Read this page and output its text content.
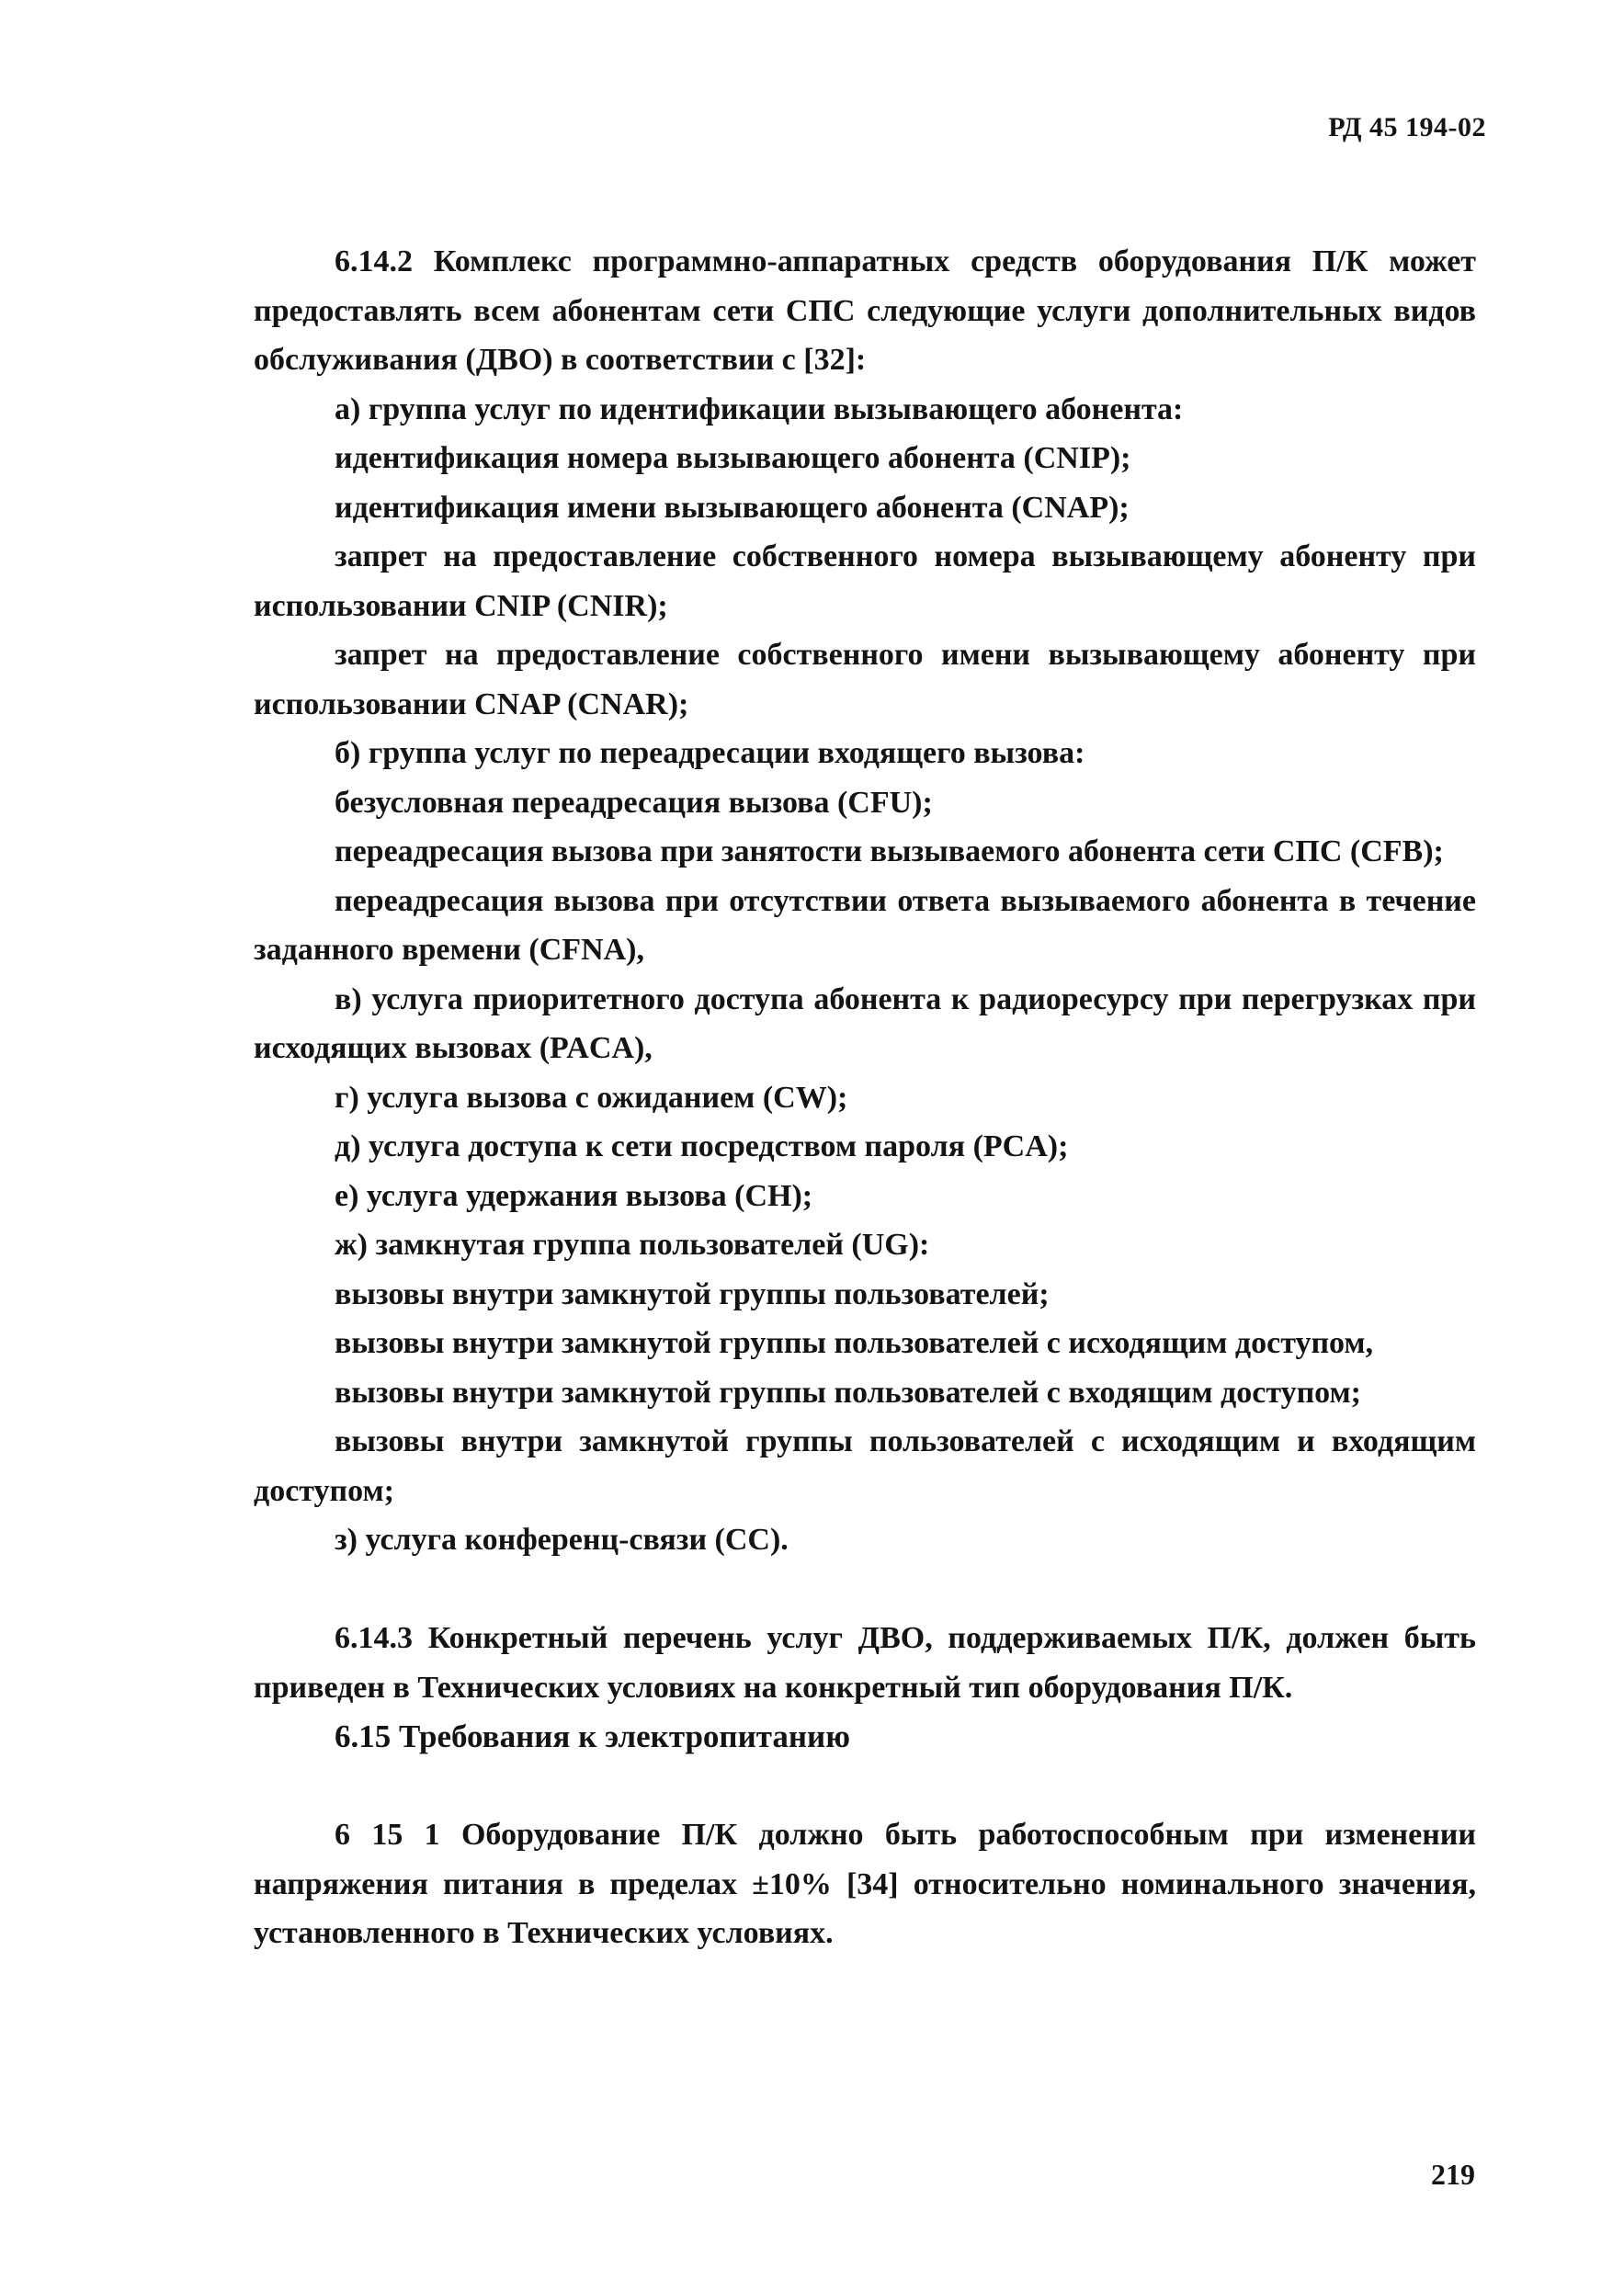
РД 45 194-02

6.14.2 Комплекс программно-аппаратных средств оборудования П/К может предоставлять всем абонентам сети СПС следующие услуги дополнительных видов обслуживания (ДВО) в соответствии с [32]:

а) группа услуг по идентификации вызывающего абонента:

идентификация номера вызывающего абонента (CNIP);

идентификация имени вызывающего абонента (CNAP);

запрет на предоставление собственного номера вызывающему абоненту при использовании CNIP (CNIR);

запрет на предоставление собственного имени вызывающему абоненту при использовании CNAP (CNAR);

б) группа услуг по переадресации входящего вызова:

безусловная переадресация вызова (CFU);

переадресация вызова при занятости вызываемого абонента сети СПС (CFB);

переадресация вызова при отсутствии ответа вызываемого абонента в течение заданного времени (CFNA),

в) услуга приоритетного доступа абонента к радиоресурсу при перегрузках при исходящих вызовах (PACA),

г) услуга вызова с ожиданием (CW);

д) услуга доступа к сети посредством пароля (PCA);

е) услуга удержания вызова (CH);

ж) замкнутая группа пользователей (UG):

вызовы внутри замкнутой группы пользователей;

вызовы внутри замкнутой группы пользователей с исходящим доступом,

вызовы внутри замкнутой группы пользователей с входящим доступом;

вызовы внутри замкнутой группы пользователей с исходящим и входящим доступом;

з) услуга конференц-связи (CC).

6.14.3 Конкретный перечень услуг ДВО, поддерживаемых П/К, должен быть приведен в Технических условиях на конкретный тип оборудования П/К.

6.15 Требования к электропитанию

6 15 1 Оборудование П/К должно быть работоспособным при изменении напряжения питания в пределах ±10% [34] относительно номинального значения, установленного в Технических условиях.

219
